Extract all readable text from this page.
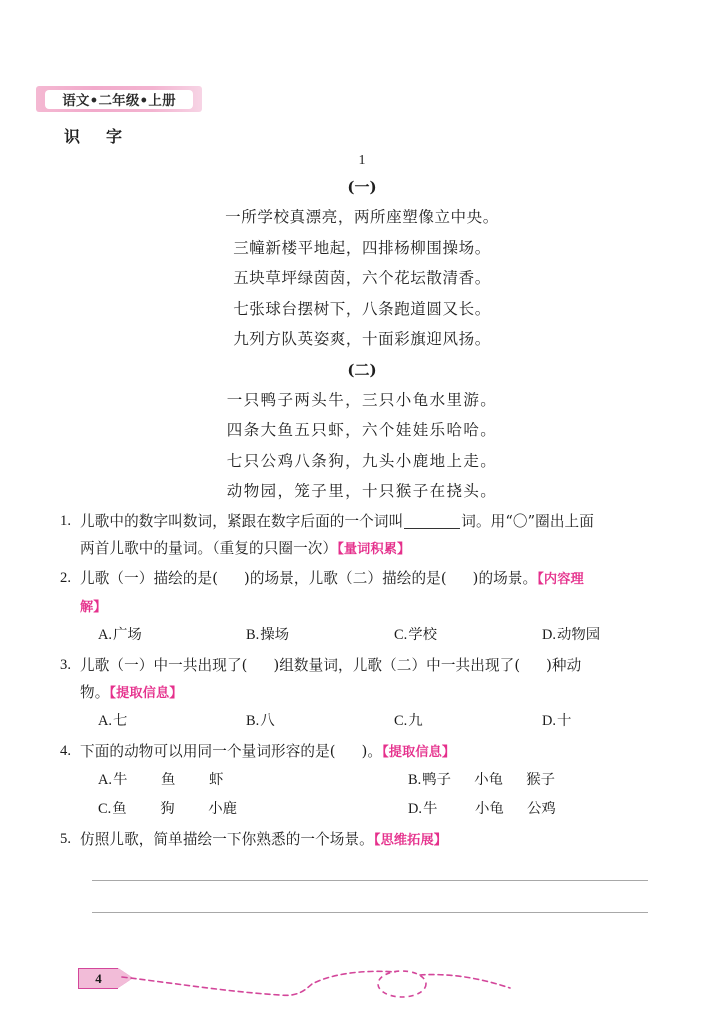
语文•二年级•上册
识　字
1
(一)
一所学校真漂亮，两所座塑像立中央。
三幢新楼平地起，四排杨柳围操场。
五块草坪绿茵茵，六个花坛散清香。
七张球台摆树下，八条跑道圆又长。
九列方队英姿爽，十面彩旗迎风扬。
(二)
一只鸭子两头牛，三只小龟水里游。
四条大鱼五只虾，六个娃娃乐哈哈。
七只公鸡八条狗，九头小鹿地上走。
动物园，笼子里，十只猴子在挠头。
1. 儿歌中的数字叫数词，紧跟在数字后面的一个词叫	词。用“〇”圈出上面
两首儿歌中的量词。（重复的只圈一次）【量词积累】
2. 儿歌（一）描绘的是( )的场景，儿歌（二）描绘的是( )的场景。【内容理
解】
A.广场	B.操场	C.学校	D.动物园
3. 儿歌（一）中一共出现了( )组数量词，儿歌（二）中一共出现了( )种动
物。【提取信息】
A.七	B.八	C.九	D.十
4. 下面的动物可以用同一个量词形容的是( )。【提取信息】
A.牛 鱼 虾	B.鸭子 小龟 猴子
C.鱼 狗 小鹿	D.牛	小龟 公鸡
5. 仿照儿歌，简单描绘一下你熟悉的一个场景。【思维拓展】
4
